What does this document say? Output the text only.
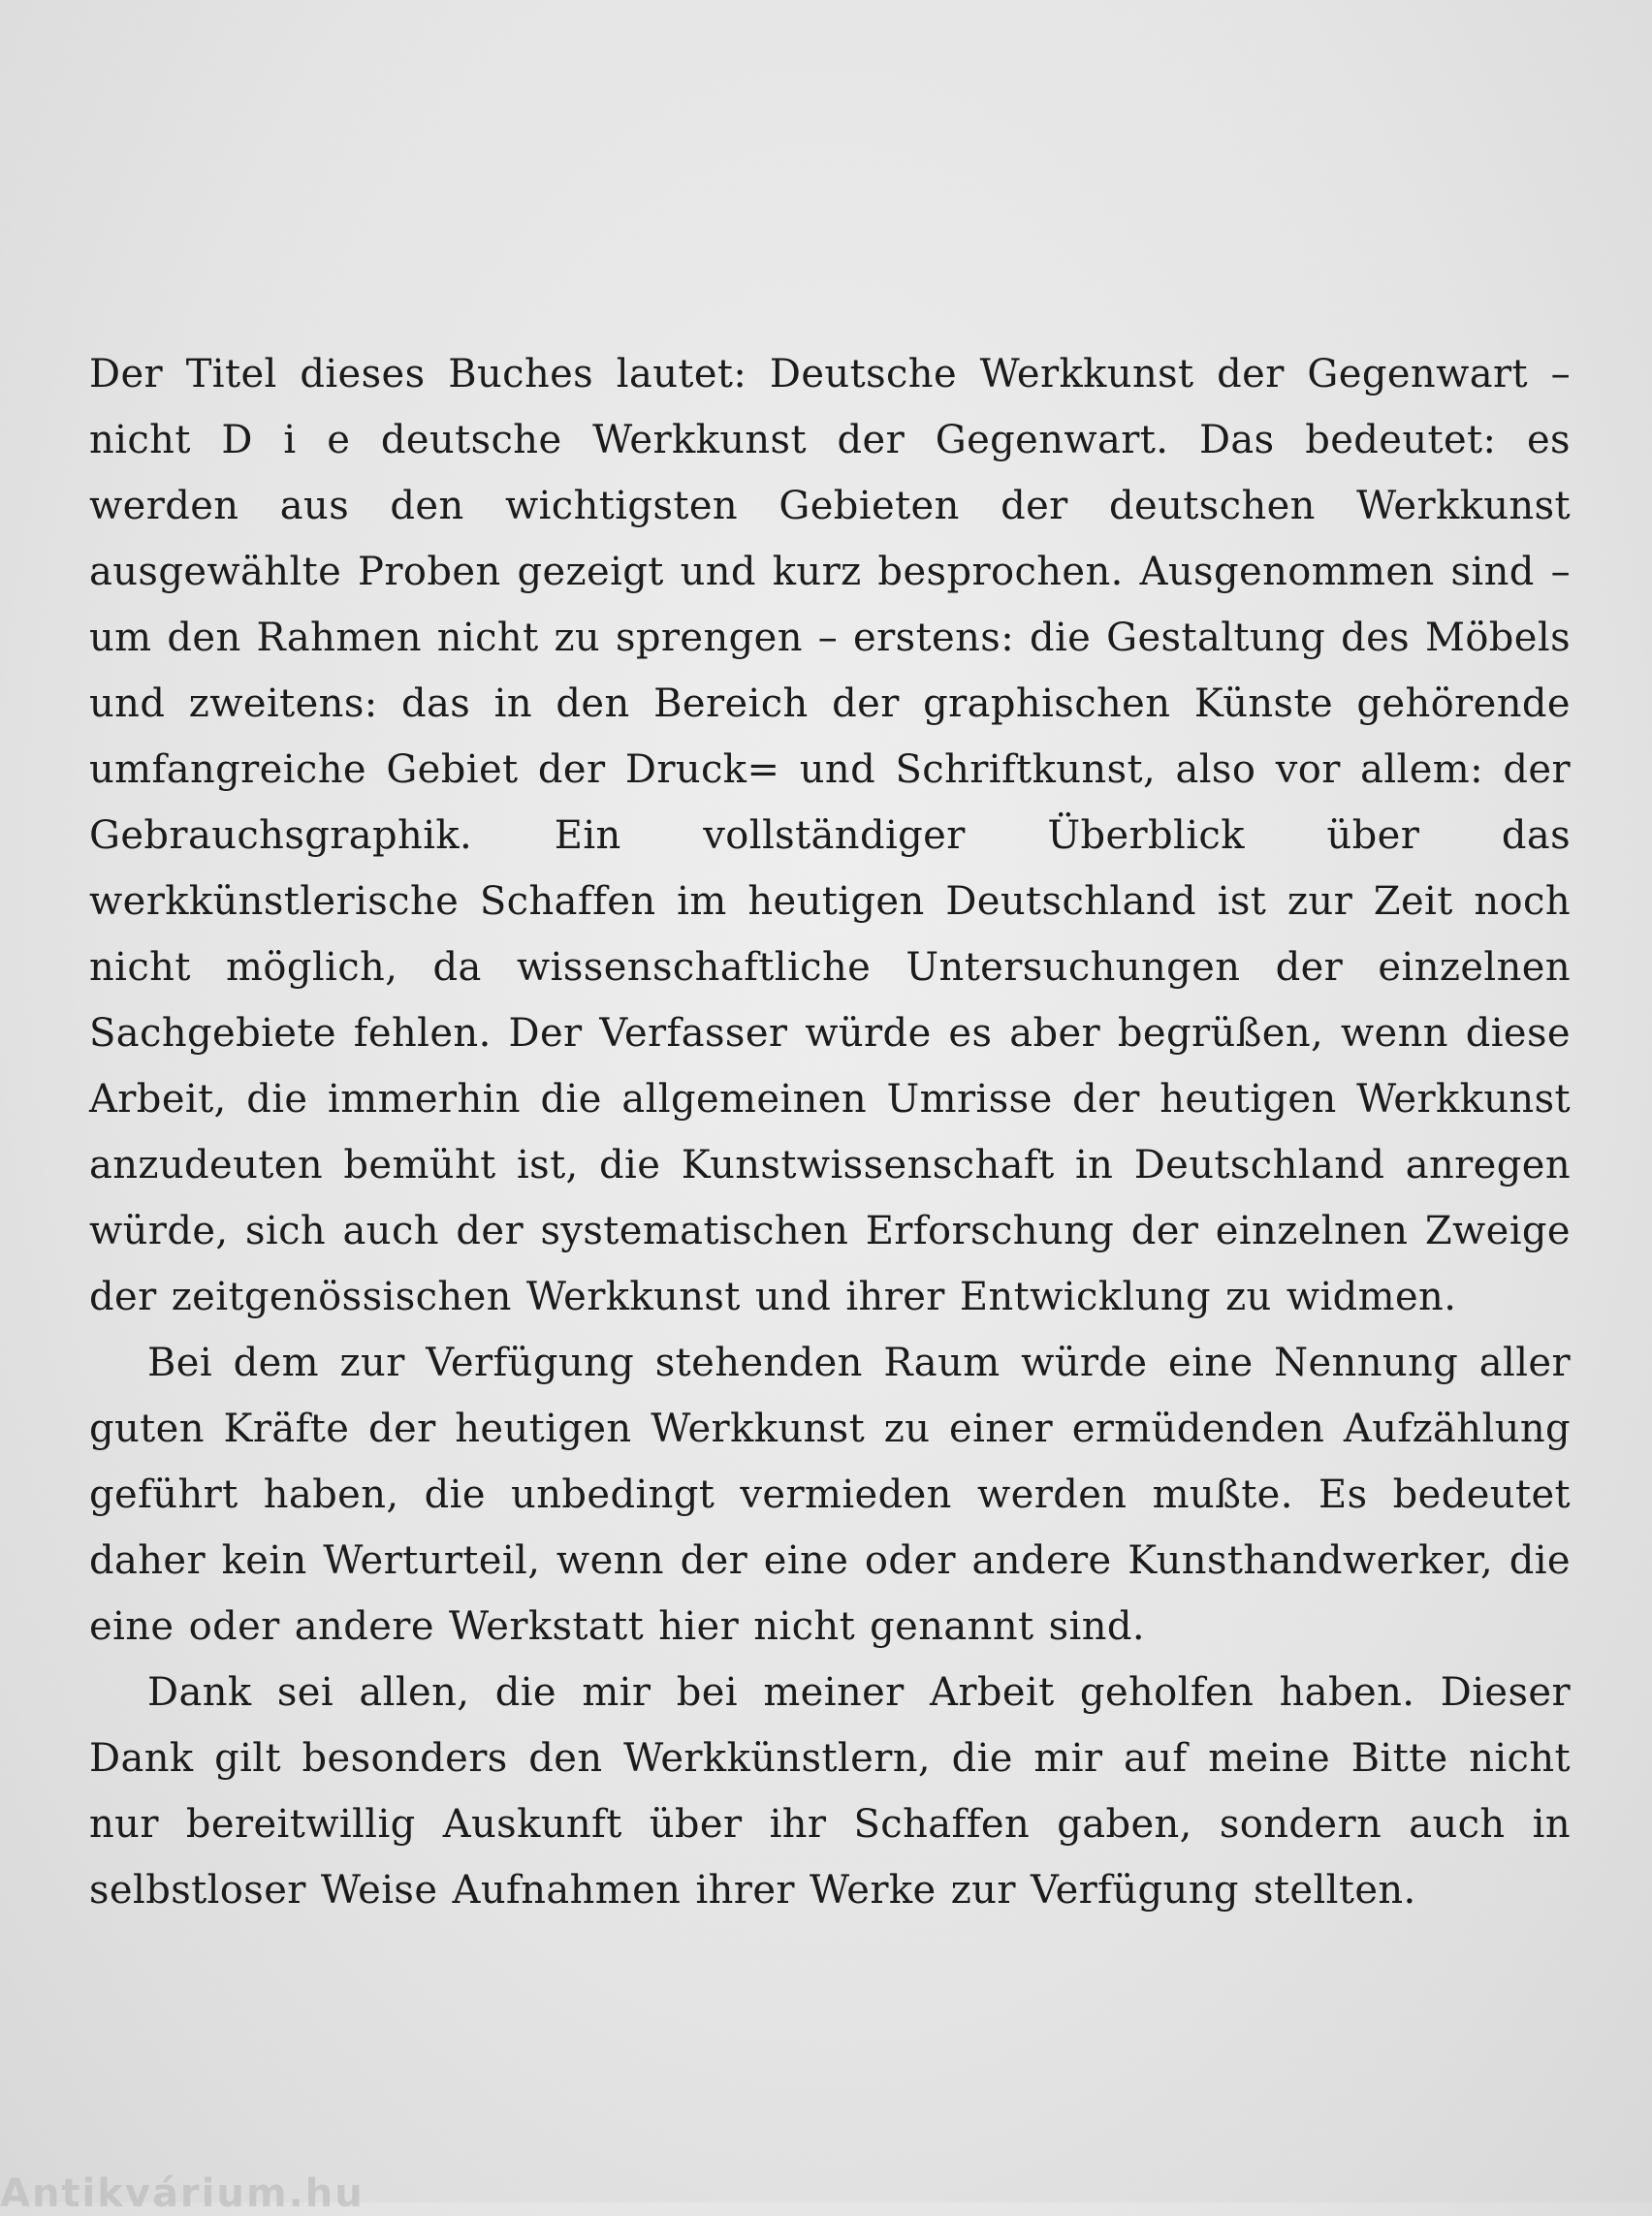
Der Titel dieses Buches lautet: Deutsche Werkkunst der Gegenwart – nicht D i e deutsche Werkkunst der Gegenwart. Das bedeutet: es werden aus den wichtigsten Gebieten der deutschen Werkkunst ausgewählte Proben gezeigt und kurz besprochen. Ausgenommen sind – um den Rahmen nicht zu sprengen – erstens: die Gestaltung des Möbels und zweitens: das in den Bereich der graphischen Künste gehörende umfangreiche Gebiet der Druck= und Schriftkunst, also vor allem: der Gebrauchsgraphik. Ein vollständiger Überblick über das werkkünstlerische Schaffen im heutigen Deutschland ist zur Zeit noch nicht möglich, da wissenschaftliche Untersuchungen der einzelnen Sachgebiete fehlen. Der Verfasser würde es aber begrüßen, wenn diese Arbeit, die immerhin die allgemeinen Umrisse der heutigen Werkkunst anzudeuten bemüht ist, die Kunstwissenschaft in Deutschland anregen würde, sich auch der systematischen Erforschung der einzelnen Zweige der zeitgenössischen Werkkunst und ihrer Entwicklung zu widmen.

Bei dem zur Verfügung stehenden Raum würde eine Nennung aller guten Kräfte der heutigen Werkkunst zu einer ermüdenden Aufzählung geführt haben, die unbedingt vermieden werden mußte. Es bedeutet daher kein Werturteil, wenn der eine oder andere Kunsthandwerker, die eine oder andere Werkstatt hier nicht genannt sind.

Dank sei allen, die mir bei meiner Arbeit geholfen haben. Dieser Dank gilt besonders den Werkkünstlern, die mir auf meine Bitte nicht nur bereitwillig Auskunft über ihr Schaffen gaben, sondern auch in selbstloser Weise Aufnahmen ihrer Werke zur Verfügung stellten.

Antikvárium.hu
